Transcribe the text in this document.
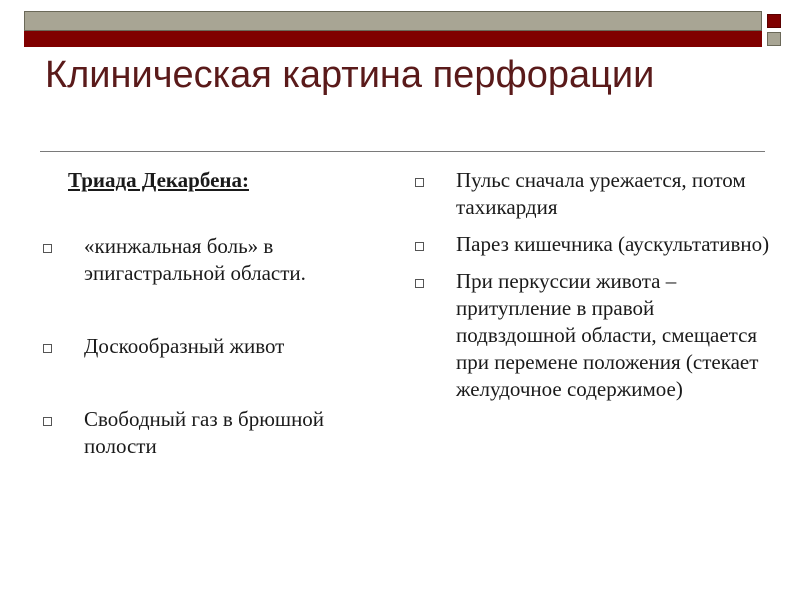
Клиническая картина перфорации

Триада Декарбена:

«кинжальная боль» в эпигастральной области.
Доскообразный живот
Свободный газ в брюшной полости
Пульс сначала урежается, потом тахикардия
Парез кишечника (аускультативно)
При перкуссии живота – притупление в правой подвздошной области, смещается при перемене положения (стекает желудочное содержимое)
